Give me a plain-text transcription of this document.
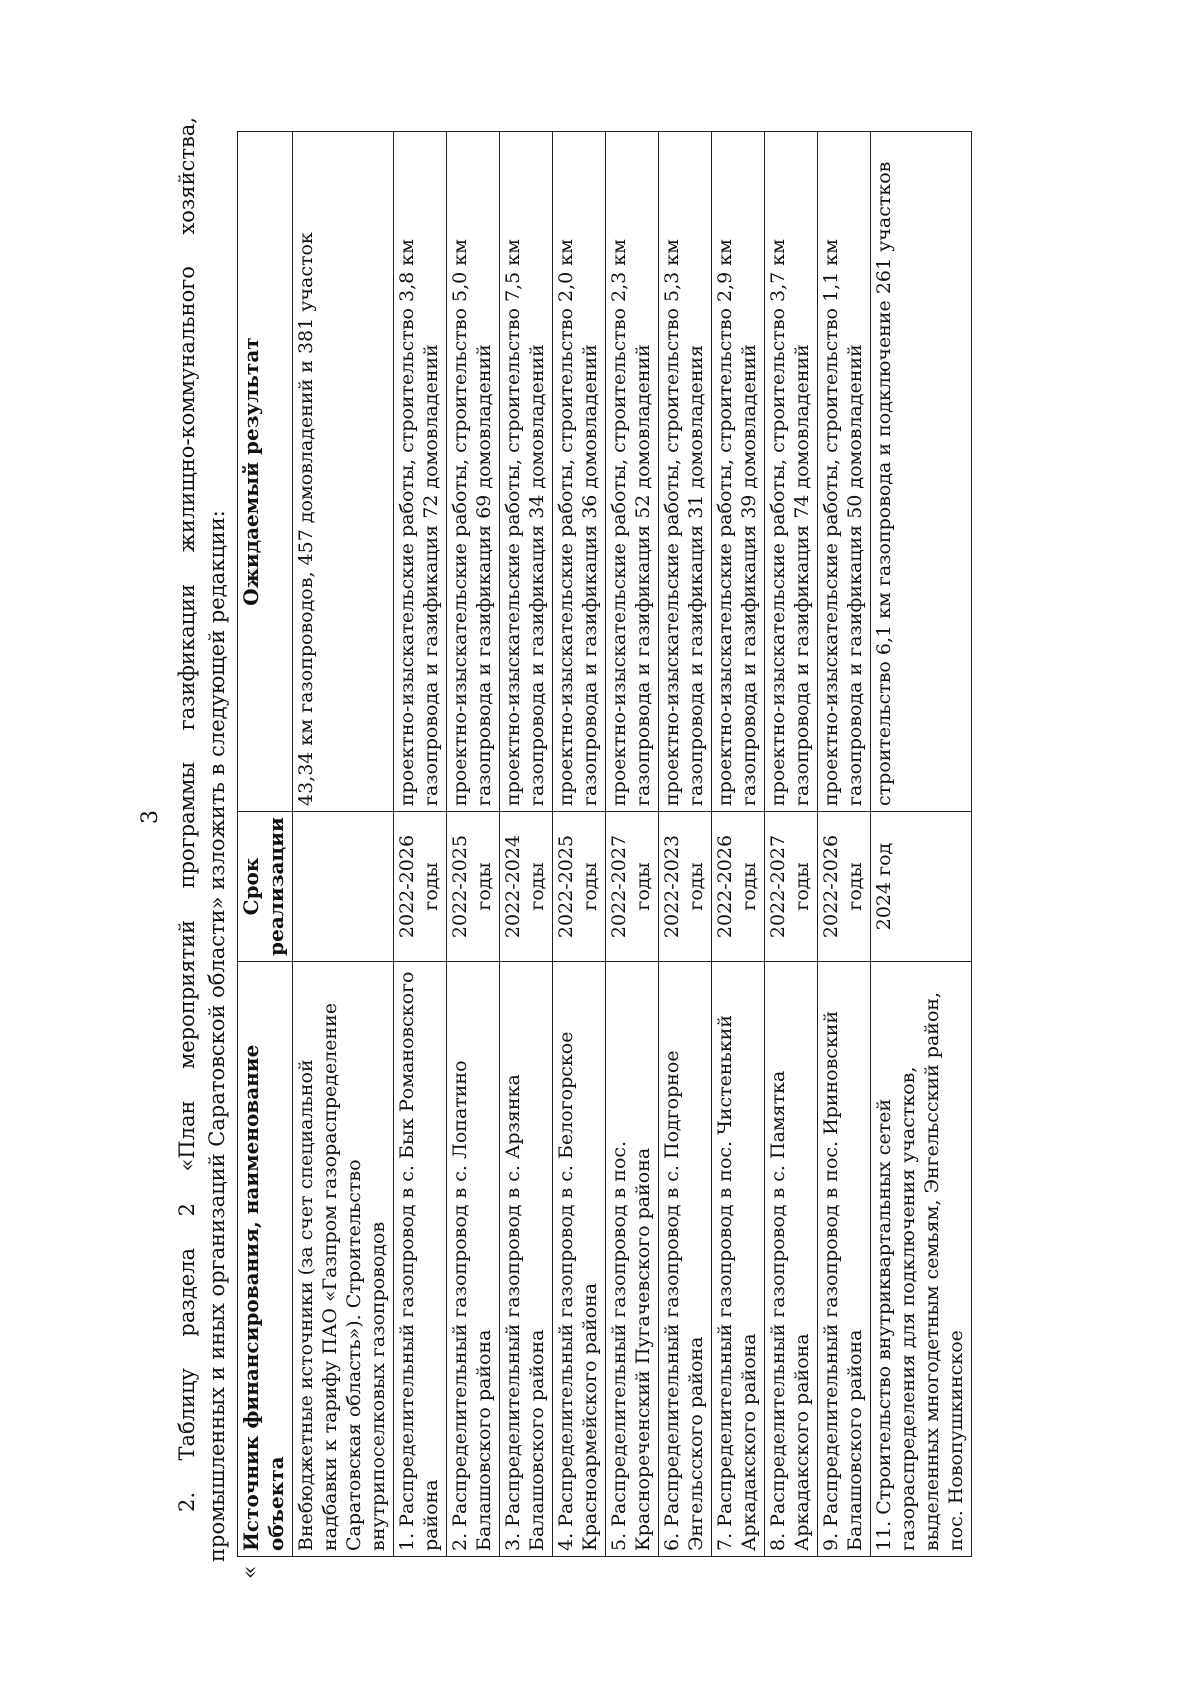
3 2. Таблицу раздела 2 «План мероприятий программы газификации жилищно-коммунального хозяйства, промышленных и иных организаций Саратовской области» изложить в следующей редакции:
«
Источник финансирования, наименование объекта	Срок реализации	Ожидаемый результат
Внебюджетные источники (за счет специальной надбавки к тарифу ПАО «Газпром газораспределение Саратовская область»). Строительство внутрипоселковых газопроводов		43,34 км газопроводов, 457 домовладений и 381 участок
1. Распределительный газопровод в с. Бык Романовского района	2022-2026 годы	проектно-изыскательские работы, строительство 3,8 км газопровода и газификация 72 домовладений
2. Распределительный газопровод в с. Лопатино Балашовского района	2022-2025 годы	проектно-изыскательские работы, строительство 5,0 км газопровода и газификация 69 домовладений
3. Распределительный газопровод в с. Арзянка Балашовского района	2022-2024 годы	проектно-изыскательские работы, строительство 7,5 км газопровода и газификация 34 домовладений
4. Распределительный газопровод в с. Белогорское Красноармейского района	2022-2025 годы	проектно-изыскательские работы, строительство 2,0 км газопровода и газификация 36 домовладений
5. Распределительный газопровод в пос. Краснореченский Пугачевского района	2022-2027 годы	проектно-изыскательские работы, строительство 2,3 км газопровода и газификация 52 домовладений
6. Распределительный газопровод в с. Подгорное Энгельсского района	2022-2023 годы	проектно-изыскательские работы, строительство 5,3 км газопровода и газификация 31 домовладения
7. Распределительный газопровод в пос. Чистенький Аркадакского района	2022-2026 годы	проектно-изыскательские работы, строительство 2,9 км газопровода и газификация 39 домовладений
8. Распределительный газопровод в с. Памятка Аркадакского района	2022-2027 годы	проектно-изыскательские работы, строительство 3,7 км газопровода и газификация 74 домовладений
9. Распределительный газопровод в пос. Ириновский Балашовского района	2022-2026 годы	проектно-изыскательские работы, строительство 1,1 км газопровода и газификация 50 домовладений
11. Строительство внутриквартальных сетей газораспределения для подключения участков, выделенных многодетным семьям, Энгельсский район, пос. Новопушкинское	2024 год	строительство 6,1 км газопровода и подключение 261 участков
